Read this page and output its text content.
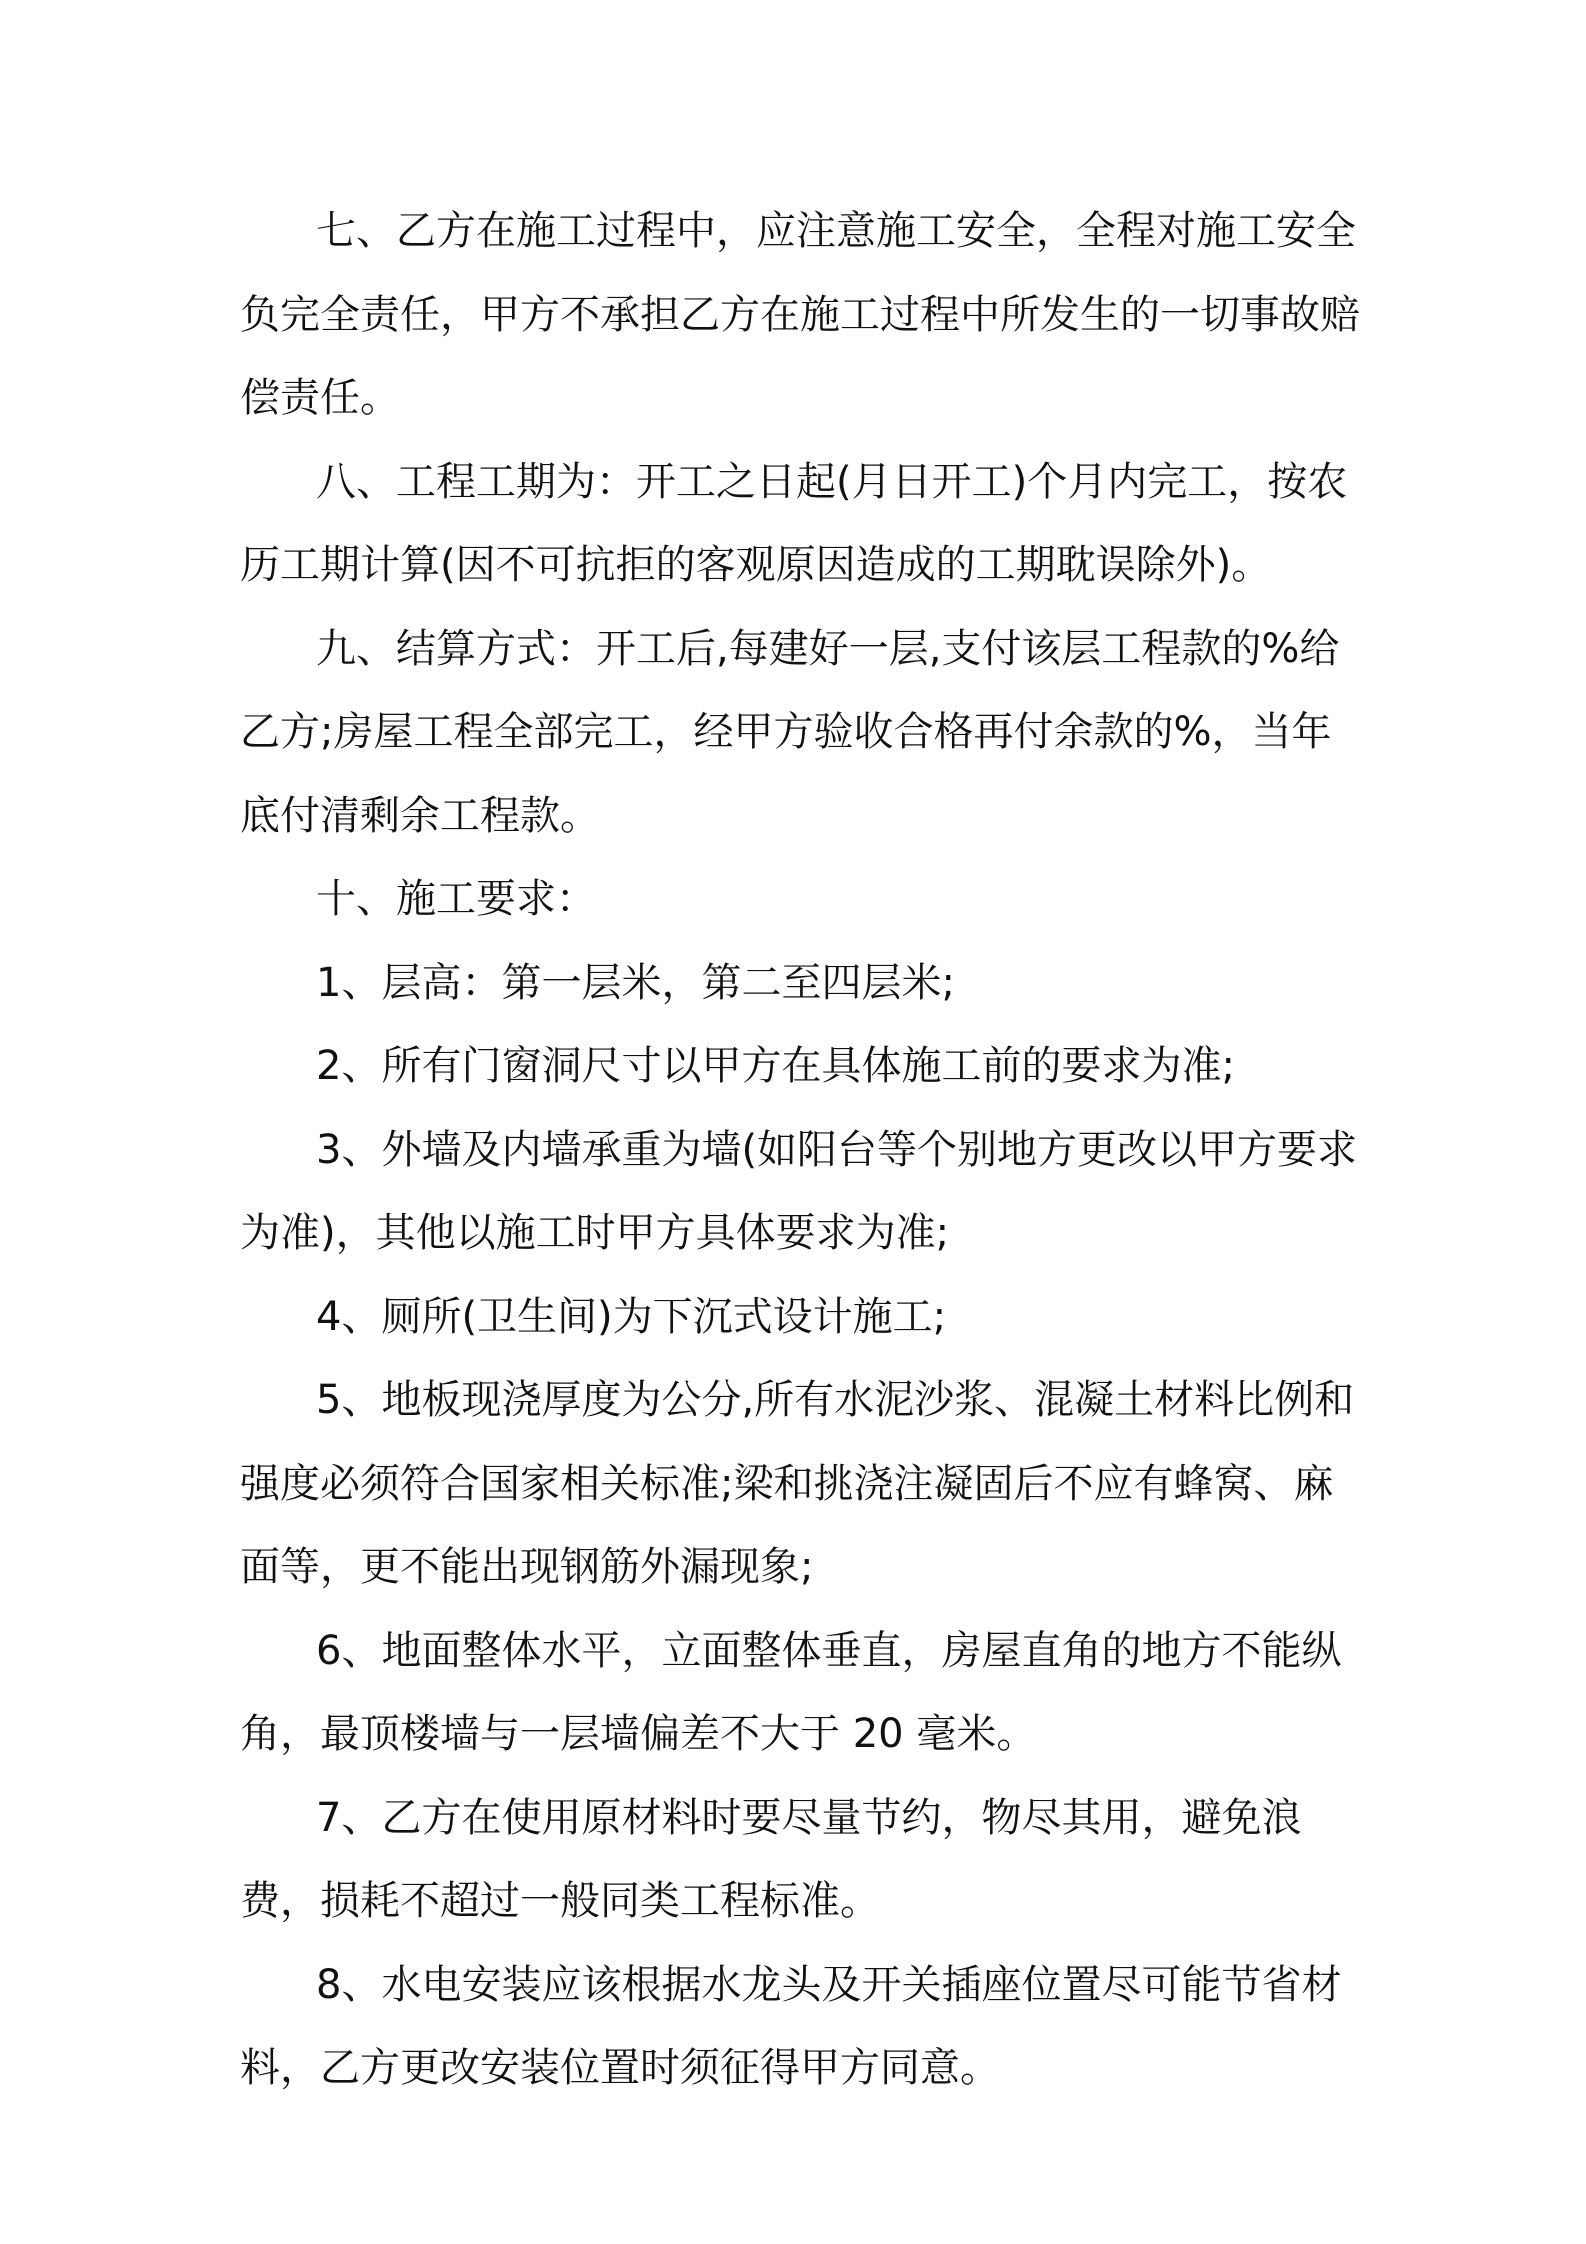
七、乙方在施工过程中，应注意施工安全，全程对施工安全负完全责任，甲方不承担乙方在施工过程中所发生的一切事故赔偿责任。

八、工程工期为：开工之日起(月日开工)个月内完工，按农历工期计算(因不可抗拒的客观原因造成的工期耽误除外)。

九、结算方式：开工后,每建好一层,支付该层工程款的%给乙方;房屋工程全部完工，经甲方验收合格再付余款的%，当年底付清剩余工程款。

十、施工要求：

1、层高：第一层米，第二至四层米;

2、所有门窗洞尺寸以甲方在具体施工前的要求为准;

3、外墙及内墙承重为墙(如阳台等个别地方更改以甲方要求为准)，其他以施工时甲方具体要求为准;

4、厕所(卫生间)为下沉式设计施工;

5、地板现浇厚度为公分,所有水泥沙浆、混凝土材料比例和强度必须符合国家相关标准;梁和挑浇注凝固后不应有蜂窝、麻面等，更不能出现钢筋外漏现象;

6、地面整体水平，立面整体垂直，房屋直角的地方不能纵角，最顶楼墙与一层墙偏差不大于 20 毫米。

7、乙方在使用原材料时要尽量节约，物尽其用，避免浪费，损耗不超过一般同类工程标准。

8、水电安装应该根据水龙头及开关插座位置尽可能节省材料，乙方更改安装位置时须征得甲方同意。
